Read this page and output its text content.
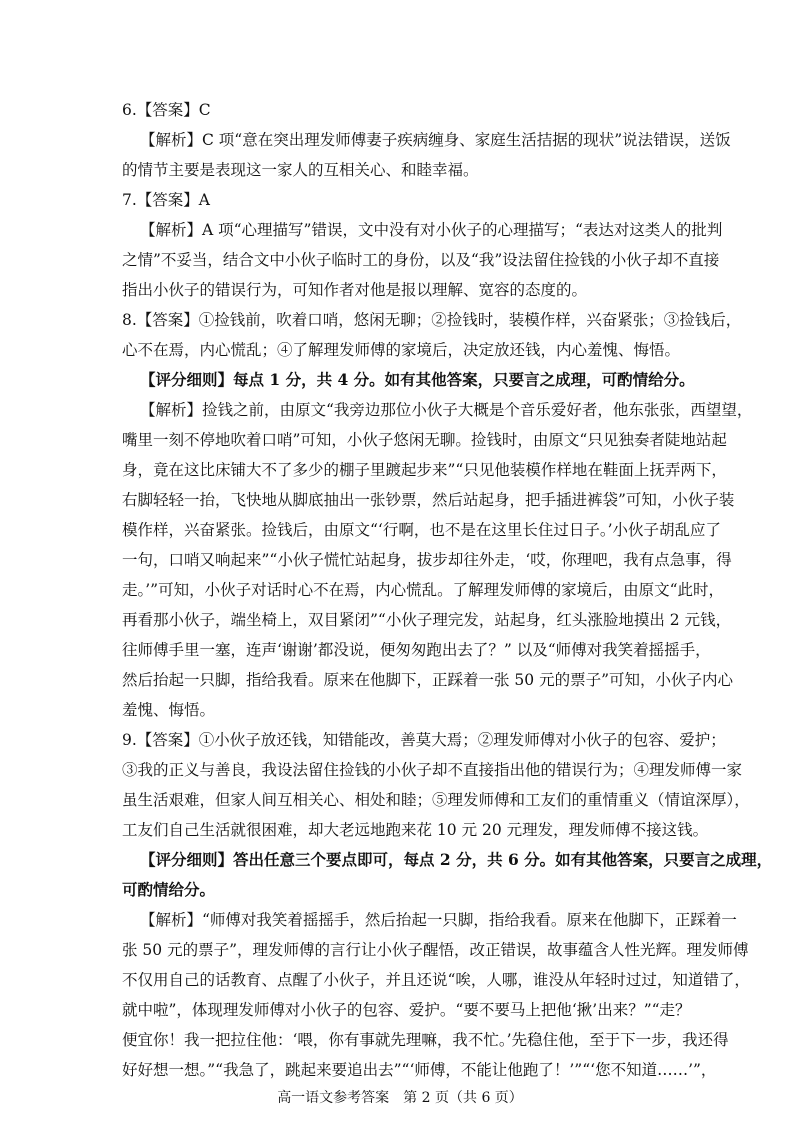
6.【答案】C
【解析】C 项“意在突出理发师傅妻子疾病缠身、家庭生活拮据的现状”说法错误，送饭
的情节主要是表现这一家人的互相关心、和睦幸福。
7.【答案】A
【解析】A 项“心理描写”错误，文中没有对小伙子的心理描写；“表达对这类人的批判
之情”不妥当，结合文中小伙子临时工的身份，以及“我”设法留住捡钱的小伙子却不直接
指出小伙子的错误行为，可知作者对他是报以理解、宽容的态度的。
8.【答案】①捡钱前，吹着口哨，悠闲无聊；②捡钱时，装模作样，兴奋紧张；③捡钱后，
心不在焉，内心慌乱；④了解理发师傅的家境后，决定放还钱，内心羞愧、悔悟。
【评分细则】每点 1 分，共 4 分。如有其他答案，只要言之成理，可酌情给分。
【解析】捡钱之前，由原文“我旁边那位小伙子大概是个音乐爱好者，他东张张，西望望，
嘴里一刻不停地吹着口哨”可知，小伙子悠闲无聊。捡钱时，由原文“只见独奏者陡地站起
身，竟在这比床铺大不了多少的棚子里踱起步来”“只见他装模作样地在鞋面上抚弄两下，
右脚轻轻一抬，飞快地从脚底抽出一张钞票，然后站起身，把手插进裤袋”可知，小伙子装
模作样，兴奋紧张。捡钱后，由原文“‘行啊，也不是在这里长住过日子。’小伙子胡乱应了
一句，口哨又响起来”“小伙子慌忙站起身，拔步却往外走，‘哎，你理吧，我有点急事，得
走。’”可知，小伙子对话时心不在焉，内心慌乱。了解理发师傅的家境后，由原文“此时，
再看那小伙子，端坐椅上，双目紧闭”“小伙子理完发，站起身，红头涨脸地摸出 2 元钱，
往师傅手里一塞，连声‘谢谢’都没说，便匆匆跑出去了？” 以及“师傅对我笑着摇摇手，
然后抬起一只脚，指给我看。原来在他脚下，正踩着一张 50 元的票子”可知，小伙子内心
羞愧、悔悟。
9.【答案】①小伙子放还钱，知错能改，善莫大焉；②理发师傅对小伙子的包容、爱护；
③我的正义与善良，我设法留住捡钱的小伙子却不直接指出他的错误行为；④理发师傅一家
虽生活艰难，但家人间互相关心、相处和睦；⑤理发师傅和工友们的重情重义（情谊深厚），
工友们自己生活就很困难，却大老远地跑来花 10 元 20 元理发，理发师傅不接这钱。
【评分细则】答出任意三个要点即可，每点 2 分，共 6 分。如有其他答案，只要言之成理，
可酌情给分。
【解析】“师傅对我笑着摇摇手，然后抬起一只脚，指给我看。原来在他脚下，正踩着一
张 50 元的票子”，理发师傅的言行让小伙子醒悟，改正错误，故事蕴含人性光辉。理发师傅
不仅用自己的话教育、点醒了小伙子，并且还说“唉，人哪，谁没从年轻时过过，知道错了，
就中啦”，体现理发师傅对小伙子的包容、爱护。“要不要马上把他‘揪’出来？”“走？
便宜你！我一把拉住他：‘喂，你有事就先理嘛，我不忙。’先稳住他，至于下一步，我还得
好好想一想。”“我急了，跳起来要追出去”“‘师傅，不能让他跑了！’”“‘您不知道……’”，
高一语文参考答案　第 2 页（共 6 页）
